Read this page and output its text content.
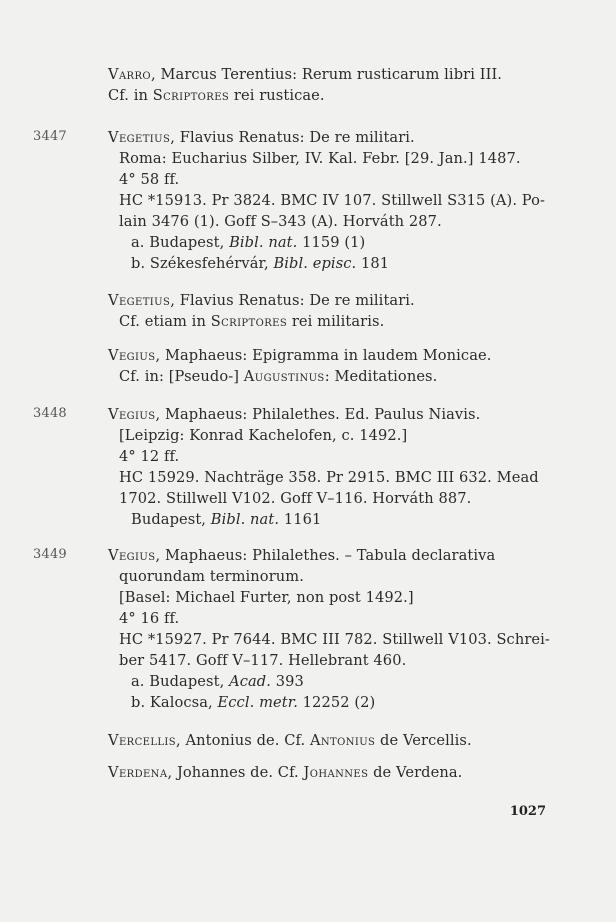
Varro, Marcus Terentius: Rerum rusticarum libri III.
Cf. in Scriptores rei rusticae.
3447	Vegetius, Flavius Renatus: De re militari.
Roma: Eucharius Silber, IV. Kal. Febr. [29. Jan.] 1487.
4° 58 ff.
HC *15913. Pr 3824. BMC IV 107. Stillwell S315 (A). Po-
lain 3476 (1). Goff S–343 (A). Horváth 287.
a. Budapest, Bibl. nat. 1159 (1)
b. Székesfehérvár, Bibl. episc. 181
Vegetius, Flavius Renatus: De re militari.
Cf. etiam in Scriptores rei militaris.
Vegius, Maphaeus: Epigramma in laudem Monicae.
Cf. in: [Pseudo-] Augustinus: Meditationes.
3448	Vegius, Maphaeus: Philalethes. Ed. Paulus Niavis.
[Leipzig: Konrad Kachelofen, c. 1492.]
4° 12 ff.
HC 15929. Nachträge 358. Pr 2915. BMC III 632. Mead
1702. Stillwell V102. Goff V–116. Horváth 887.
Budapest, Bibl. nat. 1161
3449	Vegius, Maphaeus: Philalethes. – Tabula declarativa
quorundam terminorum.
[Basel: Michael Furter, non post 1492.]
4° 16 ff.
HC *15927. Pr 7644. BMC III 782. Stillwell V103. Schrei-
ber 5417. Goff V–117. Hellebrant 460.
a. Budapest, Acad. 393
b. Kalocsa, Eccl. metr. 12252 (2)
Vercellis, Antonius de. Cf. Antonius de Vercellis.
Verdena, Johannes de. Cf. Johannes de Verdena.
1027
